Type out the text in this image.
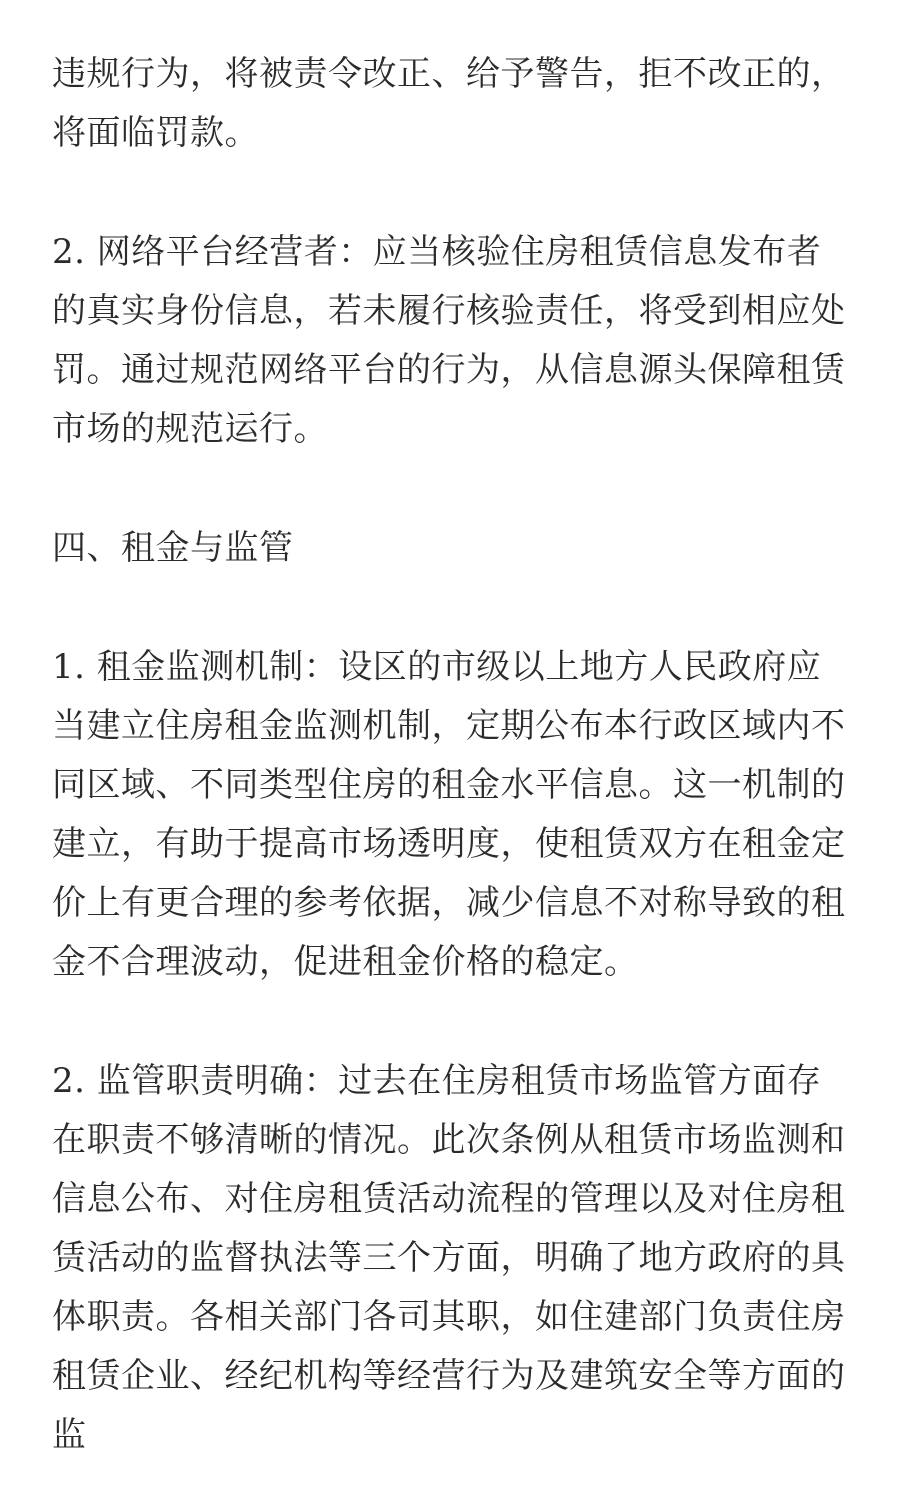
违规行为，将被责令改正、给予警告，拒不改正的，将面临罚款。

2. 网络平台经营者：应当核验住房租赁信息发布者的真实身份信息，若未履行核验责任，将受到相应处罚。通过规范网络平台的行为，从信息源头保障租赁市场的规范运行。

四、租金与监管

1. 租金监测机制：设区的市级以上地方人民政府应当建立住房租金监测机制，定期公布本行政区域内不同区域、不同类型住房的租金水平信息。这一机制的建立，有助于提高市场透明度，使租赁双方在租金定价上有更合理的参考依据，减少信息不对称导致的租金不合理波动，促进租金价格的稳定。

2. 监管职责明确：过去在住房租赁市场监管方面存在职责不够清晰的情况。此次条例从租赁市场监测和信息公布、对住房租赁活动流程的管理以及对住房租赁活动的监督执法等三个方面，明确了地方政府的具体职责。各相关部门各司其职，如住建部门负责住房租赁企业、经纪机构等经营行为及建筑安全等方面的监
